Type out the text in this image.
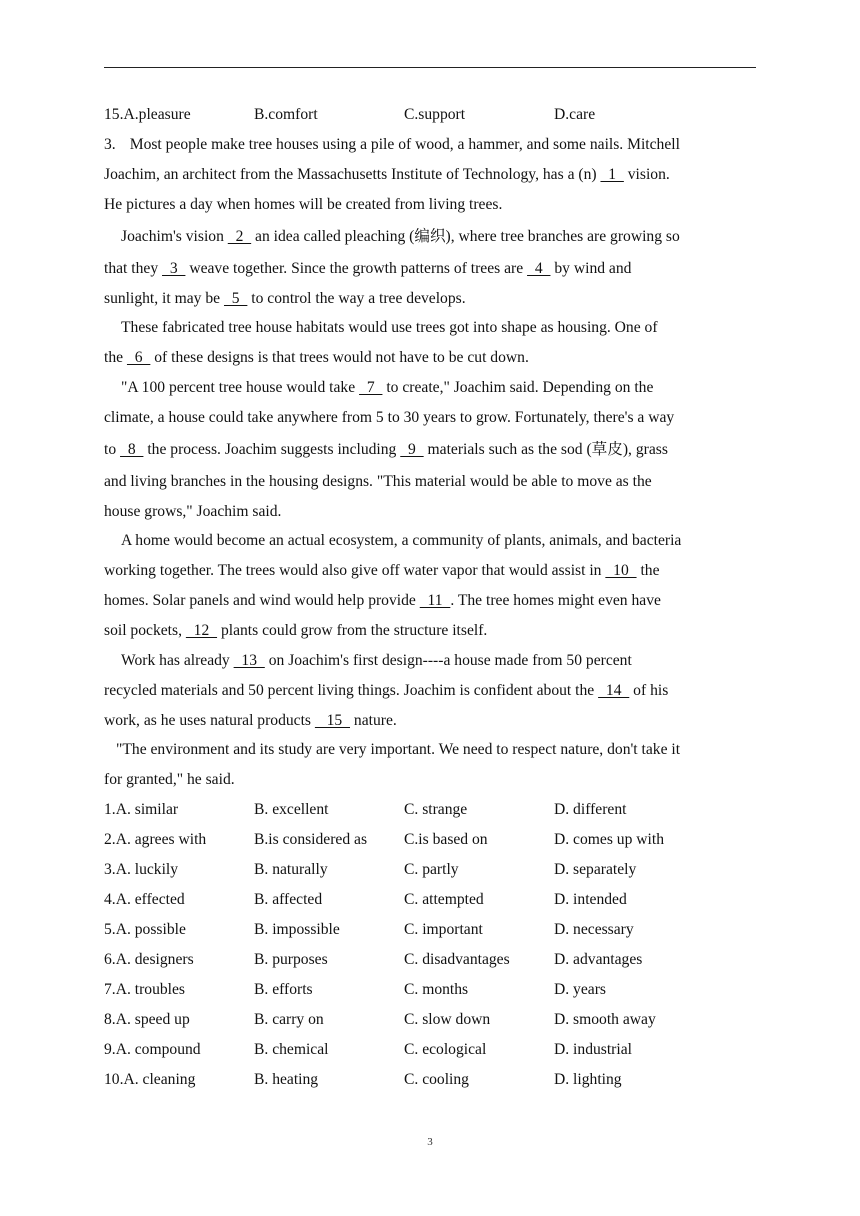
15.A.pleasure	B.comfort	C.support	D.care
3. Most people make tree houses using a pile of wood, a hammer, and some nails. Mitchell
Joachim, an architect from the Massachusetts Institute of Technology, has a (n)   1   vision.
He pictures a day when homes will be created from living trees.
Joachim's vision   2   an idea called pleaching (编织), where tree branches are growing so
that they   3   weave together. Since the growth patterns of trees are   4   by wind and
sunlight, it may be   5   to control the way a tree develops.
These fabricated tree house habitats would use trees got into shape as housing. One of
the   6   of these designs is that trees would not have to be cut down.
"A 100 percent tree house would take   7   to create," Joachim said. Depending on the
climate, a house could take anywhere from 5 to 30 years to grow. Fortunately, there's a way
to   8   the process. Joachim suggests including   9   materials such as the sod (草皮), grass
and living branches in the housing designs. "This material would be able to move as the
house grows," Joachim said.
A home would become an actual ecosystem, a community of plants, animals, and bacteria
working together. The trees would also give off water vapor that would assist in   10   the
homes. Solar panels and wind would help provide   11  . The tree homes might even have
soil pockets,   12   plants could grow from the structure itself.
Work has already   13   on Joachim's first design----a house made from 50 percent
recycled materials and 50 percent living things. Joachim is confident about the   14   of his
work, as he uses natural products    15   nature.
"The environment and its study are very important. We need to respect nature, don't take it
for granted," he said.
1.A. similar	B. excellent	C. strange	D. different
2.A. agrees with	B.is considered as C.is based on	D. comes up with
3.A. luckily	B. naturally	C. partly	D. separately
4.A. effected	B. affected	C. attempted	D. intended
5.A. possible	B. impossible	C. important	D. necessary
6.A. designers	B. purposes	C. disadvantages	D. advantages
7.A. troubles	B. efforts	C. months	D. years
8.A. speed up	B. carry on	C. slow down	D. smooth away
9.A. compound	B. chemical	C. ecological	D. industrial
10.A. cleaning	B. heating	C. cooling	D. lighting
3
